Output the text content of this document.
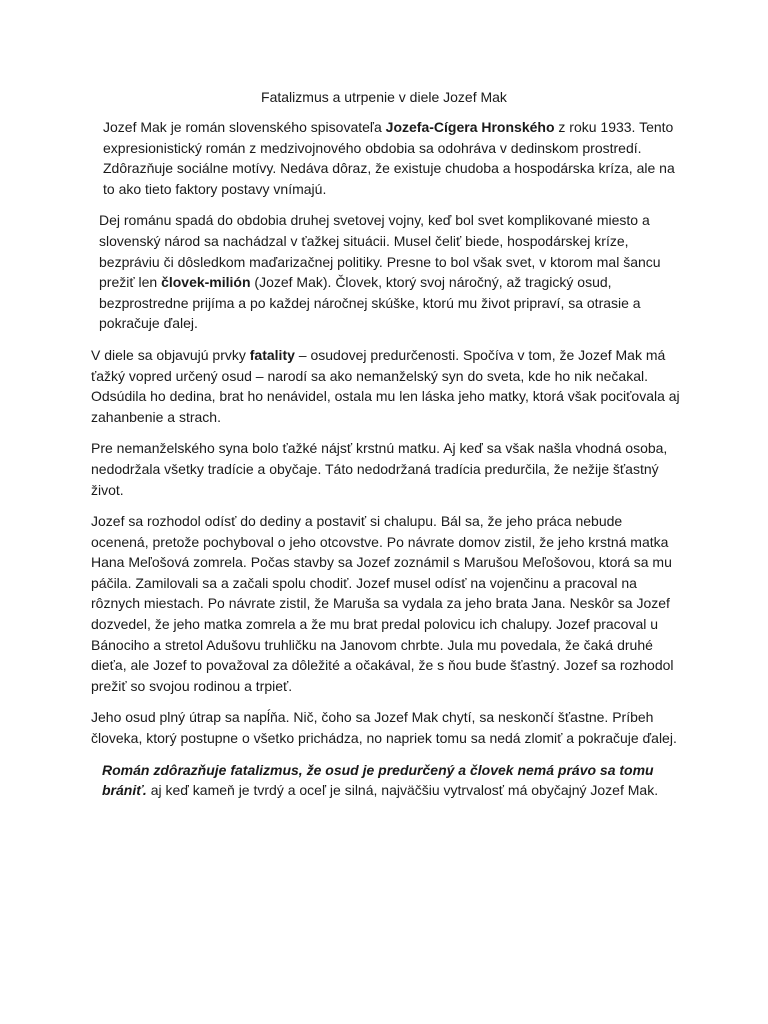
Fatalizmus a utrpenie v diele Jozef Mak

Jozef Mak je román slovenského spisovateľa Jozefa-Cígera Hronského z roku 1933. Tento expresionistický román z medzivojnového obdobia sa odohráva v dedinskom prostredí. Zdôrazňuje sociálne motívy. Nedáva dôraz, že existuje chudoba a hospodárska kríza, ale na to ako tieto faktory postavy vnímajú.

Dej románu spadá do obdobia druhej svetovej vojny, keď bol svet komplikované miesto a slovenský národ sa nachádzal v ťažkej situácii. Musel čeliť biede, hospodárskej kríze, bezpráviu či dôsledkom maďarizačnej politiky. Presne to bol však svet, v ktorom mal šancu prežiť len človek-milión (Jozef Mak). Človek, ktorý svoj náročný, až tragický osud, bezprostredne prijíma a po každej náročnej skúške, ktorú mu život pripraví, sa otrasie a pokračuje ďalej.

V diele sa objavujú prvky fatality – osudovej predurčenosti. Spočíva v tom, že Jozef Mak má ťažký vopred určený osud – narodí sa ako nemanželský syn do sveta, kde ho nik nečakal. Odsúdila ho dedina, brat ho nenávidel, ostala mu len láska jeho matky, ktorá však pociťovala aj zahanbenie a strach.

Pre nemanželského syna bolo ťažké nájsť krstnú matku. Aj keď sa však našla vhodná osoba, nedodržala všetky tradície a obyčaje. Táto nedodržaná tradícia predurčila, že nežije šťastný život.

Jozef sa rozhodol odísť do dediny a postaviť si chalupu. Bál sa, že jeho práca nebude ocenená, pretože pochyboval o jeho otcovstve. Po návrate domov zistil, že jeho krstná matka Hana Meľošová zomrela. Počas stavby sa Jozef zoznámil s Marušou Meľošovou, ktorá sa mu páčila. Zamilovali sa a začali spolu chodiť. Jozef musel odísť na vojenčinu a pracoval na rôznych miestach. Po návrate zistil, že Maruša sa vydala za jeho brata Jana. Neskôr sa Jozef dozvedel, že jeho matka zomrela a že mu brat predal polovicu ich chalupy. Jozef pracoval u Bánociho a stretol Adušovu truhličku na Janovom chrbte. Jula mu povedala, že čaká druhé dieťa, ale Jozef to považoval za dôležité a očakával, že s ňou bude šťastný. Jozef sa rozhodol prežiť so svojou rodinou a trpieť.

Jeho osud plný útrap sa napĺňa. Nič, čoho sa Jozef Mak chytí, sa neskončí šťastne. Príbeh človeka, ktorý postupne o všetko prichádza, no napriek tomu sa nedá zlomiť a pokračuje ďalej.

Román zdôrazňuje fatalizmus, že osud je predurčený a človek nemá právo sa tomu brániť. aj keď kameň je tvrdý a oceľ je silná, najväčšiu vytrvalosť má obyčajný Jozef Mak.
